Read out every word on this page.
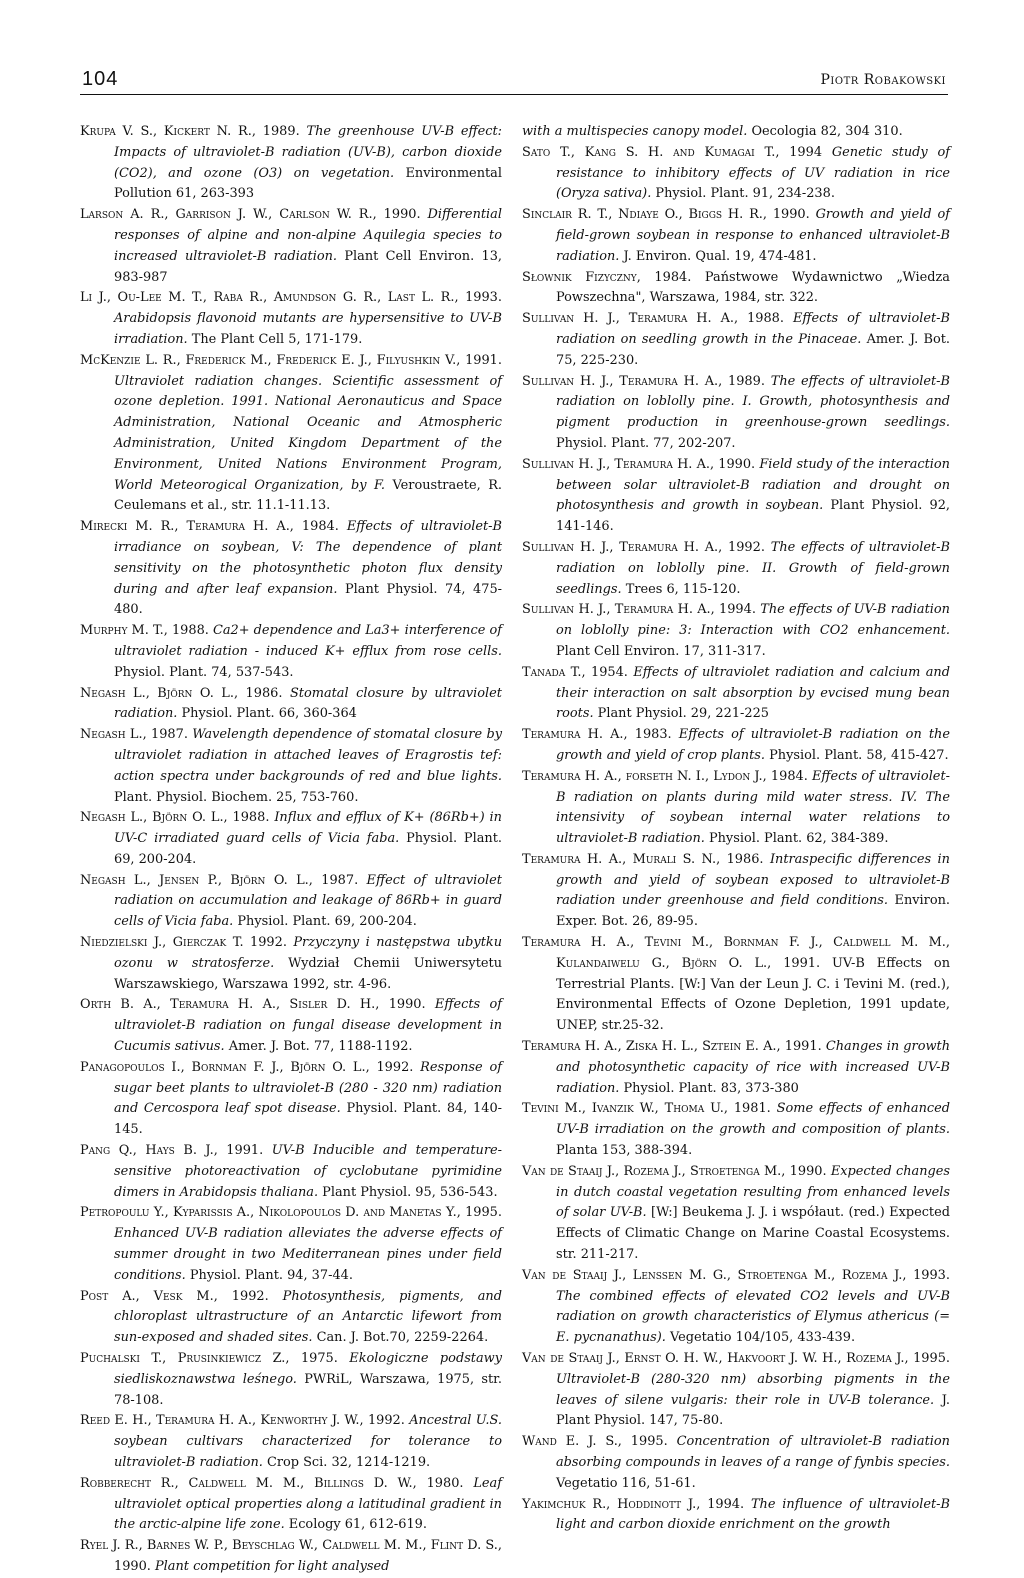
104	Piotr Robakowski

Krupa V. S., Kickert N. R., 1989. The greenhouse UV-B effect: Impacts of ultraviolet-B radiation (UV-B), carbon dioxide (CO2), and ozone (O3) on vegetation. Environmental Pollution 61, 263-393

Larson A. R., Garrison J. W., Carlson W. R., 1990. Differential responses of alpine and non-alpine Aquilegia species to increased ultraviolet-B radiation. Plant Cell Environ. 13, 983-987

Li J., Ou-Lee M. T., Raba R., Amundson G. R., Last L. R., 1993. Arabidopsis flavonoid mutants are hypersensitive to UV-B irradiation. The Plant Cell 5, 171-179.

McKenzie L. R., Frederick M., Frederick E. J., Filyushkin V., 1991. Ultraviolet radiation changes. Scientific assessment of ozone depletion. 1991. National Aeronauticus and Space Administration, National Oceanic and Atmospheric Administration, United Kingdom Department of the Environment, United Nations Environment Program, World Meteorogical Organization, by F. Veroustraete, R. Ceulemans et al., str. 11.1-11.13.

Mirecki M. R., Teramura H. A., 1984. Effects of ultraviolet-B irradiance on soybean, V: The dependence of plant sensitivity on the photosynthetic photon flux density during and after leaf expansion. Plant Physiol. 74, 475-480.

Murphy M. T., 1988. Ca2+ dependence and La3+ interference of ultraviolet radiation - induced K+ efflux from rose cells. Physiol. Plant. 74, 537-543.

Negash L., Björn O. L., 1986. Stomatal closure by ultraviolet radiation. Physiol. Plant. 66, 360-364

Negash L., 1987. Wavelength dependence of stomatal closure by ultraviolet radiation in attached leaves of Eragrostis tef: action spectra under backgrounds of red and blue lights. Plant. Physiol. Biochem. 25, 753-760.

Negash L., Björn O. L., 1988. Influx and efflux of K+ (86Rb+) in UV-C irradiated guard cells of Vicia faba. Physiol. Plant. 69, 200-204.

Negash L., Jensen P., Björn O. L., 1987. Effect of ultraviolet radiation on accumulation and leakage of 86Rb+ in guard cells of Vicia faba. Physiol. Plant. 69, 200-204.

Niedzielski J., Gierczak T. 1992. Przyczyny i następstwa ubytku ozonu w stratosferze. Wydział Chemii Uniwersytetu Warszawskiego, Warszawa 1992, str. 4-96.

Orth B. A., Teramura H. A., Sisler D. H., 1990. Effects of ultraviolet-B radiation on fungal disease development in Cucumis sativus. Amer. J. Bot. 77, 1188-1192.

Panagopoulos I., Bornman F. J., Björn O. L., 1992. Response of sugar beet plants to ultraviolet-B (280 - 320 nm) radiation and Cercospora leaf spot disease. Physiol. Plant. 84, 140-145.

Pang Q., Hays B. J., 1991. UV-B Inducible and temperature-sensitive photoreactivation of cyclobutane pyrimidine dimers in Arabidopsis thaliana. Plant Physiol. 95, 536-543.

Petropoulu Y., Kyparissis A., Nikolopoulos D. and Manetas Y., 1995. Enhanced UV-B radiation alleviates the adverse effects of summer drought in two Mediterranean pines under field conditions. Physiol. Plant. 94, 37-44.

Post A., Vesk M., 1992. Photosynthesis, pigments, and chloroplast ultrastructure of an Antarctic lifewort from sun-exposed and shaded sites. Can. J. Bot.70, 2259-2264.

Puchalski T., Prusinkiewicz Z., 1975. Ekologiczne podstawy siedliskoznawstwa leśnego. PWRiL, Warszawa, 1975, str. 78-108.

Reed E. H., Teramura H. A., Kenworthy J. W., 1992. Ancestral U.S. soybean cultivars characterized for tolerance to ultraviolet-B radiation. Crop Sci. 32, 1214-1219.

Robberecht R., Caldwell M. M., Billings D. W., 1980. Leaf ultraviolet optical properties along a latitudinal gradient in the arctic-alpine life zone. Ecology 61, 612-619.

Ryel J. R., Barnes W. P., Beyschlag W., Caldwell M. M., Flint D. S., 1990. Plant competition for light analysed

with a multispecies canopy model. Oecologia 82, 304 310.

Sato T., Kang S. H. and Kumagai T., 1994 Genetic study of resistance to inhibitory effects of UV radiation in rice (Oryza sativa). Physiol. Plant. 91, 234-238.

Sinclair R. T., Ndiaye O., Biggs H. R., 1990. Growth and yield of field-grown soybean in response to enhanced ultraviolet-B radiation. J. Environ. Qual. 19, 474-481.

Słownik Fizyczny, 1984. Państwowe Wydawnictwo „Wiedza Powszechna", Warszawa, 1984, str. 322.

Sullivan H. J., Teramura H. A., 1988. Effects of ultraviolet-B radiation on seedling growth in the Pinaceae. Amer. J. Bot. 75, 225-230.

Sullivan H. J., Teramura H. A., 1989. The effects of ultraviolet-B radiation on loblolly pine. I. Growth, photosynthesis and pigment production in greenhouse-grown seedlings. Physiol. Plant. 77, 202-207.

Sullivan H. J., Teramura H. A., 1990. Field study of the interaction between solar ultraviolet-B radiation and drought on photosynthesis and growth in soybean. Plant Physiol. 92, 141-146.

Sullivan H. J., Teramura H. A., 1992. The effects of ultraviolet-B radiation on loblolly pine. II. Growth of field-grown seedlings. Trees 6, 115-120.

Sullivan H. J., Teramura H. A., 1994. The effects of UV-B radiation on loblolly pine: 3: Interaction with CO2 enhancement. Plant Cell Environ. 17, 311-317.

Tanada T., 1954. Effects of ultraviolet radiation and calcium and their interaction on salt absorption by evcised mung bean roots. Plant Physiol. 29, 221-225

Teramura H. A., 1983. Effects of ultraviolet-B radiation on the growth and yield of crop plants. Physiol. Plant. 58, 415-427.

Teramura H. A., forseth N. I., Lydon J., 1984. Effects of ultraviolet-B radiation on plants during mild water stress. IV. The intensivity of soybean internal water relations to ultraviolet-B radiation. Physiol. Plant. 62, 384-389.

Teramura H. A., Murali S. N., 1986. Intraspecific differences in growth and yield of soybean exposed to ultraviolet-B radiation under greenhouse and field conditions. Environ. Exper. Bot. 26, 89-95.

Teramura H. A., Tevini M., Bornman F. J., Caldwell M. M., Kulandaiwelu G., Björn O. L., 1991. UV-B Effects on Terrestrial Plants. [W:] Van der Leun J. C. i Tevini M. (red.), Environmental Effects of Ozone Depletion, 1991 update, UNEP, str.25-32.

Teramura H. A., Ziska H. L., Sztein E. A., 1991. Changes in growth and photosynthetic capacity of rice with increased UV-B radiation. Physiol. Plant. 83, 373-380

Tevini M., Ivanzik W., Thoma U., 1981. Some effects of enhanced UV-B irradiation on the growth and composition of plants. Planta 153, 388-394.

Van de Staaij J., Rozema J., Stroetenga M., 1990. Expected changes in dutch coastal vegetation resulting from enhanced levels of solar UV-B. [W:] Beukema J. J. i współaut. (red.) Expected Effects of Climatic Change on Marine Coastal Ecosystems. str. 211-217.

Van de Staaij J., Lenssen M. G., Stroetenga M., Rozema J., 1993. The combined effects of elevated CO2 levels and UV-B radiation on growth characteristics of Elymus athericus (= E. pycnanathus). Vegetatio 104/105, 433-439.

Van de Staaij J., Ernst O. H. W., Hakvoort J. W. H., Rozema J., 1995. Ultraviolet-B (280-320 nm) absorbing pigments in the leaves of silene vulgaris: their role in UV-B tolerance. J. Plant Physiol. 147, 75-80.

Wand E. J. S., 1995. Concentration of ultraviolet-B radiation absorbing compounds in leaves of a range of fynbis species. Vegetatio 116, 51-61.

Yakimchuk R., Hoddinott J., 1994. The influence of ultraviolet-B light and carbon dioxide enrichment on the growth
